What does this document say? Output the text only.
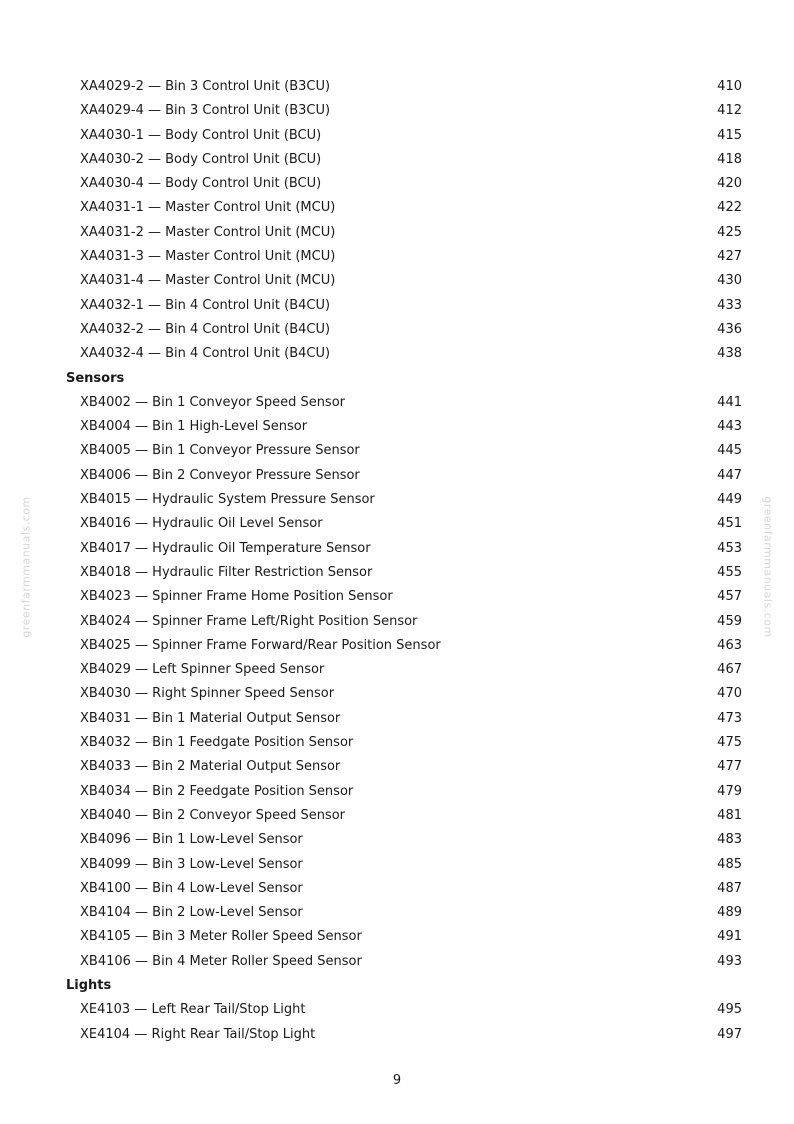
greenfarmmanuals.com	greenfarmmanuals.com
XA4029-2 — Bin 3 Control Unit (B3CU)	410
XA4029-4 — Bin 3 Control Unit (B3CU)	412
XA4030-1 — Body Control Unit (BCU)	415
XA4030-2 — Body Control Unit (BCU)	418
XA4030-4 — Body Control Unit (BCU)	420
XA4031-1 — Master Control Unit (MCU)	422
XA4031-2 — Master Control Unit (MCU)	425
XA4031-3 — Master Control Unit (MCU)	427
XA4031-4 — Master Control Unit (MCU)	430
XA4032-1 — Bin 4 Control Unit (B4CU)	433
XA4032-2 — Bin 4 Control Unit (B4CU)	436
XA4032-4 — Bin 4 Control Unit (B4CU)	438
Sensors
XB4002 — Bin 1 Conveyor Speed Sensor	441
XB4004 — Bin 1 High-Level Sensor	443
XB4005 — Bin 1 Conveyor Pressure Sensor	445
XB4006 — Bin 2 Conveyor Pressure Sensor	447
XB4015 — Hydraulic System Pressure Sensor	449
XB4016 — Hydraulic Oil Level Sensor	451
XB4017 — Hydraulic Oil Temperature Sensor	453
XB4018 — Hydraulic Filter Restriction Sensor	455
XB4023 — Spinner Frame Home Position Sensor	457
XB4024 — Spinner Frame Left/Right Position Sensor	459
XB4025 — Spinner Frame Forward/Rear Position Sensor	463
XB4029 — Left Spinner Speed Sensor	467
XB4030 — Right Spinner Speed Sensor	470
XB4031 — Bin 1 Material Output Sensor	473
XB4032 — Bin 1 Feedgate Position Sensor	475
XB4033 — Bin 2 Material Output Sensor	477
XB4034 — Bin 2 Feedgate Position Sensor	479
XB4040 — Bin 2 Conveyor Speed Sensor	481
XB4096 — Bin 1 Low-Level Sensor	483
XB4099 — Bin 3 Low-Level Sensor	485
XB4100 — Bin 4 Low-Level Sensor	487
XB4104 — Bin 2 Low-Level Sensor	489
XB4105 — Bin 3 Meter Roller Speed Sensor	491
XB4106 — Bin 4 Meter Roller Speed Sensor	493
Lights
XE4103 — Left Rear Tail/Stop Light	495
XE4104 — Right Rear Tail/Stop Light	497
9
